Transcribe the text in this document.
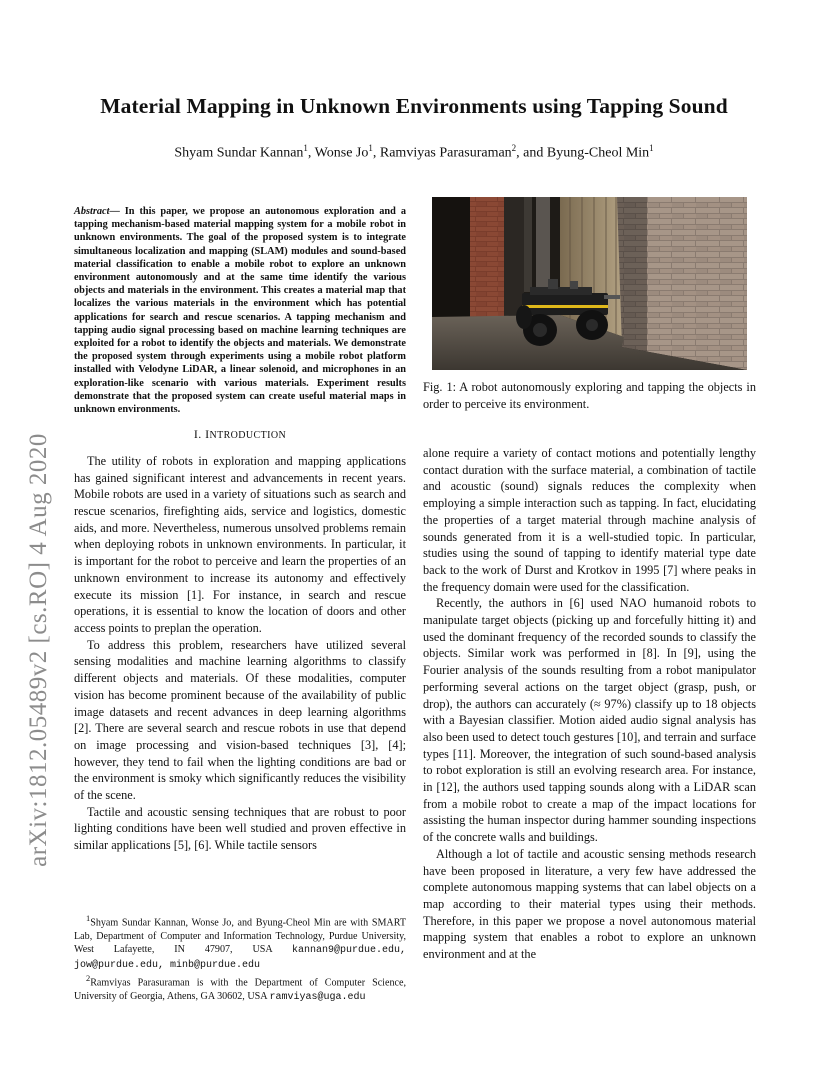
Material Mapping in Unknown Environments using Tapping Sound
Shyam Sundar Kannan$^1$, Wonse Jo$^1$, Ramviyas Parasuraman$^2$, and Byung-Cheol Min$^1$
arXiv:1812.05489v2 [cs.RO] 4 Aug 2020
Abstract— In this paper, we propose an autonomous exploration and a tapping mechanism-based material mapping system for a mobile robot in unknown environments. The goal of the proposed system is to integrate simultaneous localization and mapping (SLAM) modules and sound-based material classification to enable a mobile robot to explore an unknown environment autonomously and at the same time identify the various objects and materials in the environment. This creates a material map that localizes the various materials in the environment which has potential applications for search and rescue scenarios. A tapping mechanism and tapping audio signal processing based on machine learning techniques are exploited for a robot to identify the objects and materials. We demonstrate the proposed system through experiments using a mobile robot platform installed with Velodyne LiDAR, a linear solenoid, and microphones in an exploration-like scenario with various materials. Experiment results demonstrate that the proposed system can create useful material maps in unknown environments.
I. INTRODUCTION

The utility of robots in exploration and mapping applications has gained significant interest and advancements in recent years. Mobile robots are used in a variety of situations such as search and rescue scenarios, firefighting aids, service and logistics, domestic aids, and more. Nevertheless, numerous unsolved problems remain when deploying robots in unknown environments. In particular, it is important for the robot to perceive and learn the properties of an unknown environment to increase its autonomy and effectively execute its mission [1]. For instance, in search and rescue operations, it is essential to know the location of doors and other access points to preplan the operation.

To address this problem, researchers have utilized several sensing modalities and machine learning algorithms to classify different objects and materials. Of these modalities, computer vision has become prominent because of the availability of public image datasets and recent advances in deep learning algorithms [2]. There are several search and rescue robots in use that depend on image processing and vision-based techniques [3], [4]; however, they tend to fail when the lighting conditions are bad or the environment is smoky which significantly reduces the visibility of the scene.

Tactile and acoustic sensing techniques that are robust to poor lighting conditions have been well studied and proven effective in similar applications [5], [6]. While tactile sensors

$^1$Shyam Sundar Kannan, Wonse Jo, and Byung-Cheol Min are with SMART Lab, Department of Computer and Information Technology, Purdue University, West Lafayette, IN 47907, USA kannan9@purdue.edu, jow@purdue.edu, minb@purdue.edu

$^2$Ramviyas Parasuraman is with the Department of Computer Science, University of Georgia, Athens, GA 30602, USA ramviyas@uga.edu

Fig. 1: A robot autonomously exploring and tapping the objects in order to perceive its environment.

alone require a variety of contact motions and potentially lengthy contact duration with the surface material, a combination of tactile and acoustic (sound) signals reduces the complexity when employing a simple interaction such as tapping. In fact, elucidating the properties of a target material through machine analysis of sounds generated from it is a well-studied topic. In particular, studies using the sound of tapping to identify material type date back to the work of Durst and Krotkov in 1995 [7] where peaks in the frequency domain were used for the classification.

Recently, the authors in [6] used NAO humanoid robots to manipulate target objects (picking up and forcefully hitting it) and used the dominant frequency of the recorded sounds to classify the objects. Similar work was performed in [8]. In [9], using the Fourier analysis of the sounds resulting from a robot manipulator performing several actions on the target object (grasp, push, or drop), the authors can accurately (≈ 97%) classify up to 18 objects with a Bayesian classifier. Motion aided audio signal analysis has also been used to detect touch gestures [10], and terrain and surface types [11]. Moreover, the integration of such sound-based analysis to robot exploration is still an evolving research area. For instance, in [12], the authors used tapping sounds along with a LiDAR scan from a mobile robot to create a map of the impact locations for assisting the human inspector during hammer sounding inspections of the concrete walls and buildings.

Although a lot of tactile and acoustic sensing methods research have been proposed in literature, a very few have addressed the complete autonomous mapping systems that can label objects on a map according to their material types using their methods. Therefore, in this paper we propose a novel autonomous material mapping system that enables a robot to explore an unknown environment and at the
